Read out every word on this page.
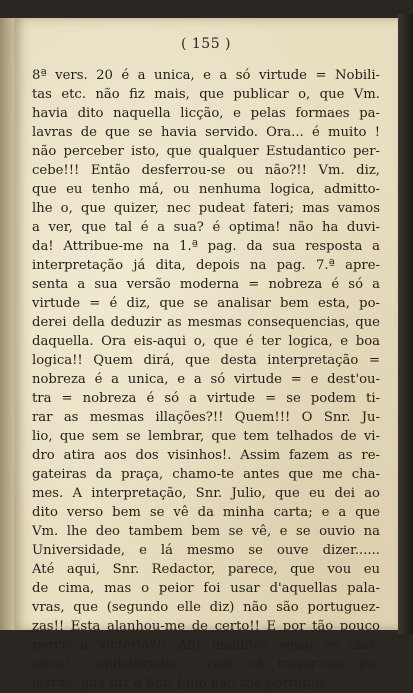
( 155 )
8ª vers. 20 é a unica, e a só virtude = Nobili-
tas etc. não fiz mais, que publicar o, que Vm.
havia dito naquella licção, e pelas formaes pa-
lavras de que se havia servido. Ora... é muito !
não perceber isto, que qualquer Estudantico per-
cebe!!! Então desferrou-se ou não?!! Vm. diz,
que eu tenho má, ou nenhuma logica, admitto-
lhe o, que quizer, nec pudeat fateri; mas vamos
a ver, que tal é a sua? é optima! não ha duvi-
da! Attribue-me na 1.ª pag. da sua resposta a
interpretação já dita, depois na pag. 7.ª apre-
senta a sua versão moderna = nobreza é só a
virtude = é diz, que se analisar bem esta, po-
derei della deduzir as mesmas consequencias, que
daquella. Ora eis-aqui o, que é ter logica, e boa
logica!! Quem dirá, que desta interpretação =
nobreza é a unica, e a só virtude = e dest'ou-
tra = nobreza é só a virtude = se podem ti-
rar as mesmas illações?!! Quem!!! O Snr. Ju-
lio, que sem se lembrar, que tem telhados de vi-
dro atira aos dos visinhos!. Assim fazem as re-
gateiras da praça, chamo-te antes que me cha-
mes. A interpretação, Snr. Julio, que eu dei ao
dito verso bem se vê da minha carta; e a que
Vm. lhe deo tambem bem se vê, e se ouvio na
Universidade, e lá mesmo se ouve dizer......
Até aqui, Snr. Redactor, parece, que vou eu
de cima, mas o peior foi usar d'aquellas pala-
vras, que (segundo elle diz) não são portuguez-
zas!! Esta alanhou-me de certo!! E por tão pouco
perco a victoria?!! Ah! malditos sejão os clas-
sicos!... endiabrados... vem cá trazer-nos pa-
lavras, que diz o Snr. Julio não são portugue-
